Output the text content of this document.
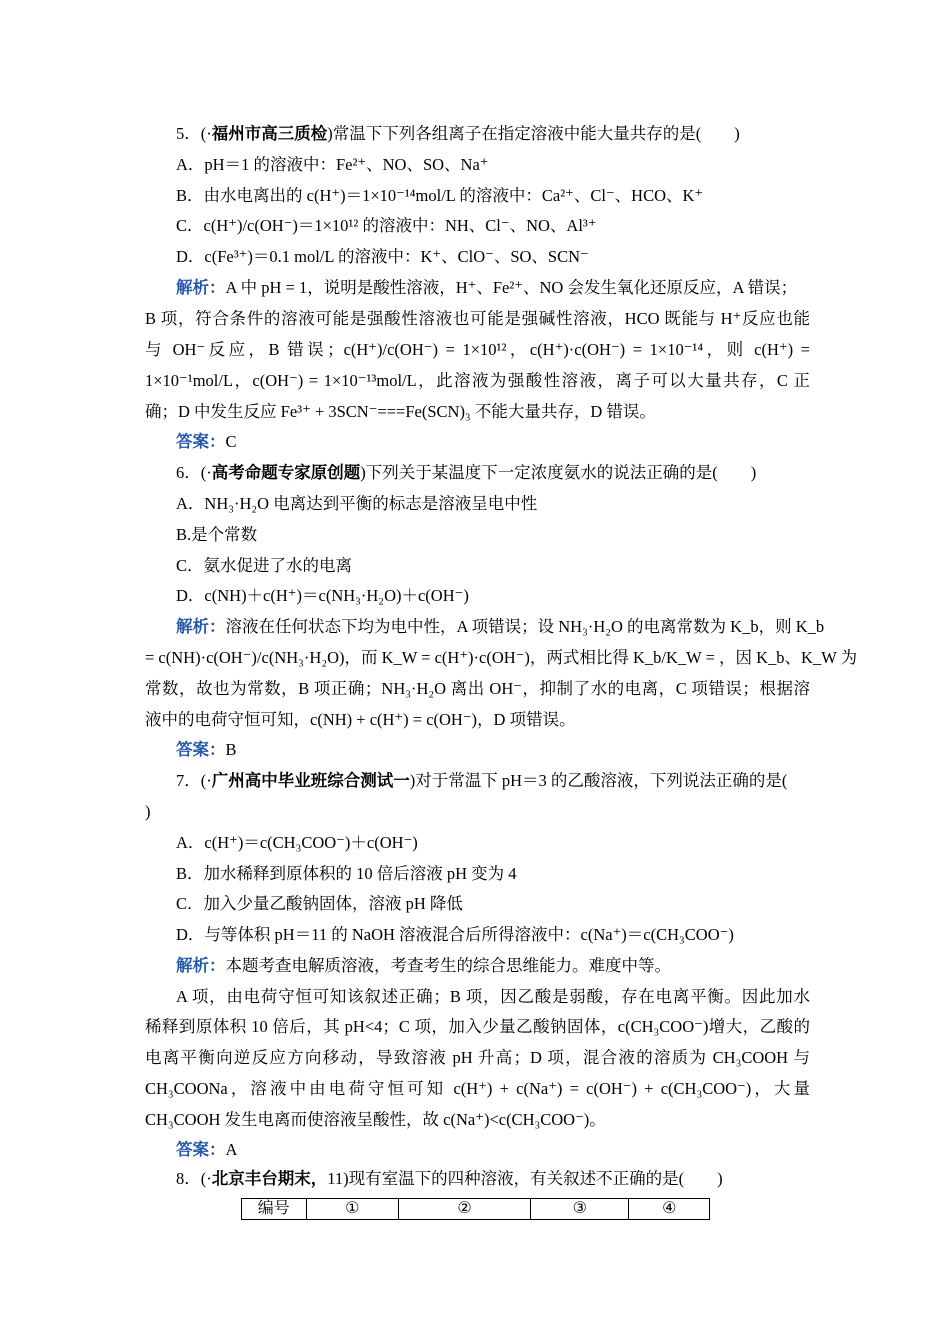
5．(·福州市高三质检)常温下下列各组离子在指定溶液中能大量共存的是(　　)
A．pH＝1 的溶液中：Fe²⁺、NO、SO、Na⁺
B．由水电离出的 c(H⁺)＝1×10⁻¹⁴mol/L 的溶液中：Ca²⁺、Cl⁻、HCO、K⁺
C．c(H⁺)/c(OH⁻)＝1×10¹² 的溶液中：NH、Cl⁻、NO、Al³⁺
D．c(Fe³⁺)＝0.1 mol/L 的溶液中：K⁺、ClO⁻、SO、SCN⁻
解析：A 中 pH = 1，说明是酸性溶液，H⁺、Fe²⁺、NO 会发生氧化还原反应，A 错误；
B 项，符合条件的溶液可能是强酸性溶液也可能是强碱性溶液，HCO 既能与 H⁺反应也能
与 OH⁻反应，B 错误；c(H⁺)/c(OH⁻) = 1×10¹²，c(H⁺)·c(OH⁻) = 1×10⁻¹⁴，则 c(H⁺) =
1×10⁻¹mol/L，c(OH⁻) = 1×10⁻¹³mol/L，此溶液为强酸性溶液，离子可以大量共存，C 正
确；D 中发生反应 Fe³⁺ + 3SCN⁻===Fe(SCN)₃ 不能大量共存，D 错误。
答案：C
6．(·高考命题专家原创题)下列关于某温度下一定浓度氨水的说法正确的是(　　)
A．NH₃·H₂O 电离达到平衡的标志是溶液呈电中性
B.是个常数
C．氨水促进了水的电离
D．c(NH)＋c(H⁺)＝c(NH₃·H₂O)＋c(OH⁻)
解析：溶液在任何状态下均为电中性，A 项错误；设 NH₃·H₂O 的电离常数为 K_b，则 K_b
= c(NH)·c(OH⁻)/c(NH₃·H₂O)，而 K_W = c(H⁺)·c(OH⁻)，两式相比得 K_b/K_W = ，因 K_b、K_W 为
常数，故也为常数，B 项正确；NH₃·H₂O 离出 OH⁻，抑制了水的电离，C 项错误；根据溶
液中的电荷守恒可知，c(NH) + c(H⁺) = c(OH⁻)，D 项错误。
答案：B
7．(·广州高中毕业班综合测试一)对于常温下 pH＝3 的乙酸溶液，下列说法正确的是(
)
A．c(H⁺)＝c(CH₃COO⁻)＋c(OH⁻)
B．加水稀释到原体积的 10 倍后溶液 pH 变为 4
C．加入少量乙酸钠固体，溶液 pH 降低
D．与等体积 pH＝11 的 NaOH 溶液混合后所得溶液中：c(Na⁺)＝c(CH₃COO⁻)
解析：本题考查电解质溶液，考查考生的综合思维能力。难度中等。
A 项，由电荷守恒可知该叙述正确；B 项，因乙酸是弱酸，存在电离平衡。因此加水
稀释到原体积 10 倍后，其 pH<4；C 项，加入少量乙酸钠固体，c(CH₃COO⁻)增大，乙酸的
电离平衡向逆反应方向移动，导致溶液 pH 升高；D 项，混合液的溶质为 CH₃COOH 与
CH₃COONa，溶液中由电荷守恒可知 c(H⁺) + c(Na⁺) = c(OH⁻) + c(CH₃COO⁻)，大量
CH₃COOH 发生电离而使溶液呈酸性，故 c(Na⁺)<c(CH₃COO⁻)。
答案：A
8．(·北京丰台期末，11)现有室温下的四种溶液，有关叙述不正确的是(　　)
编号	①	②	③	④
